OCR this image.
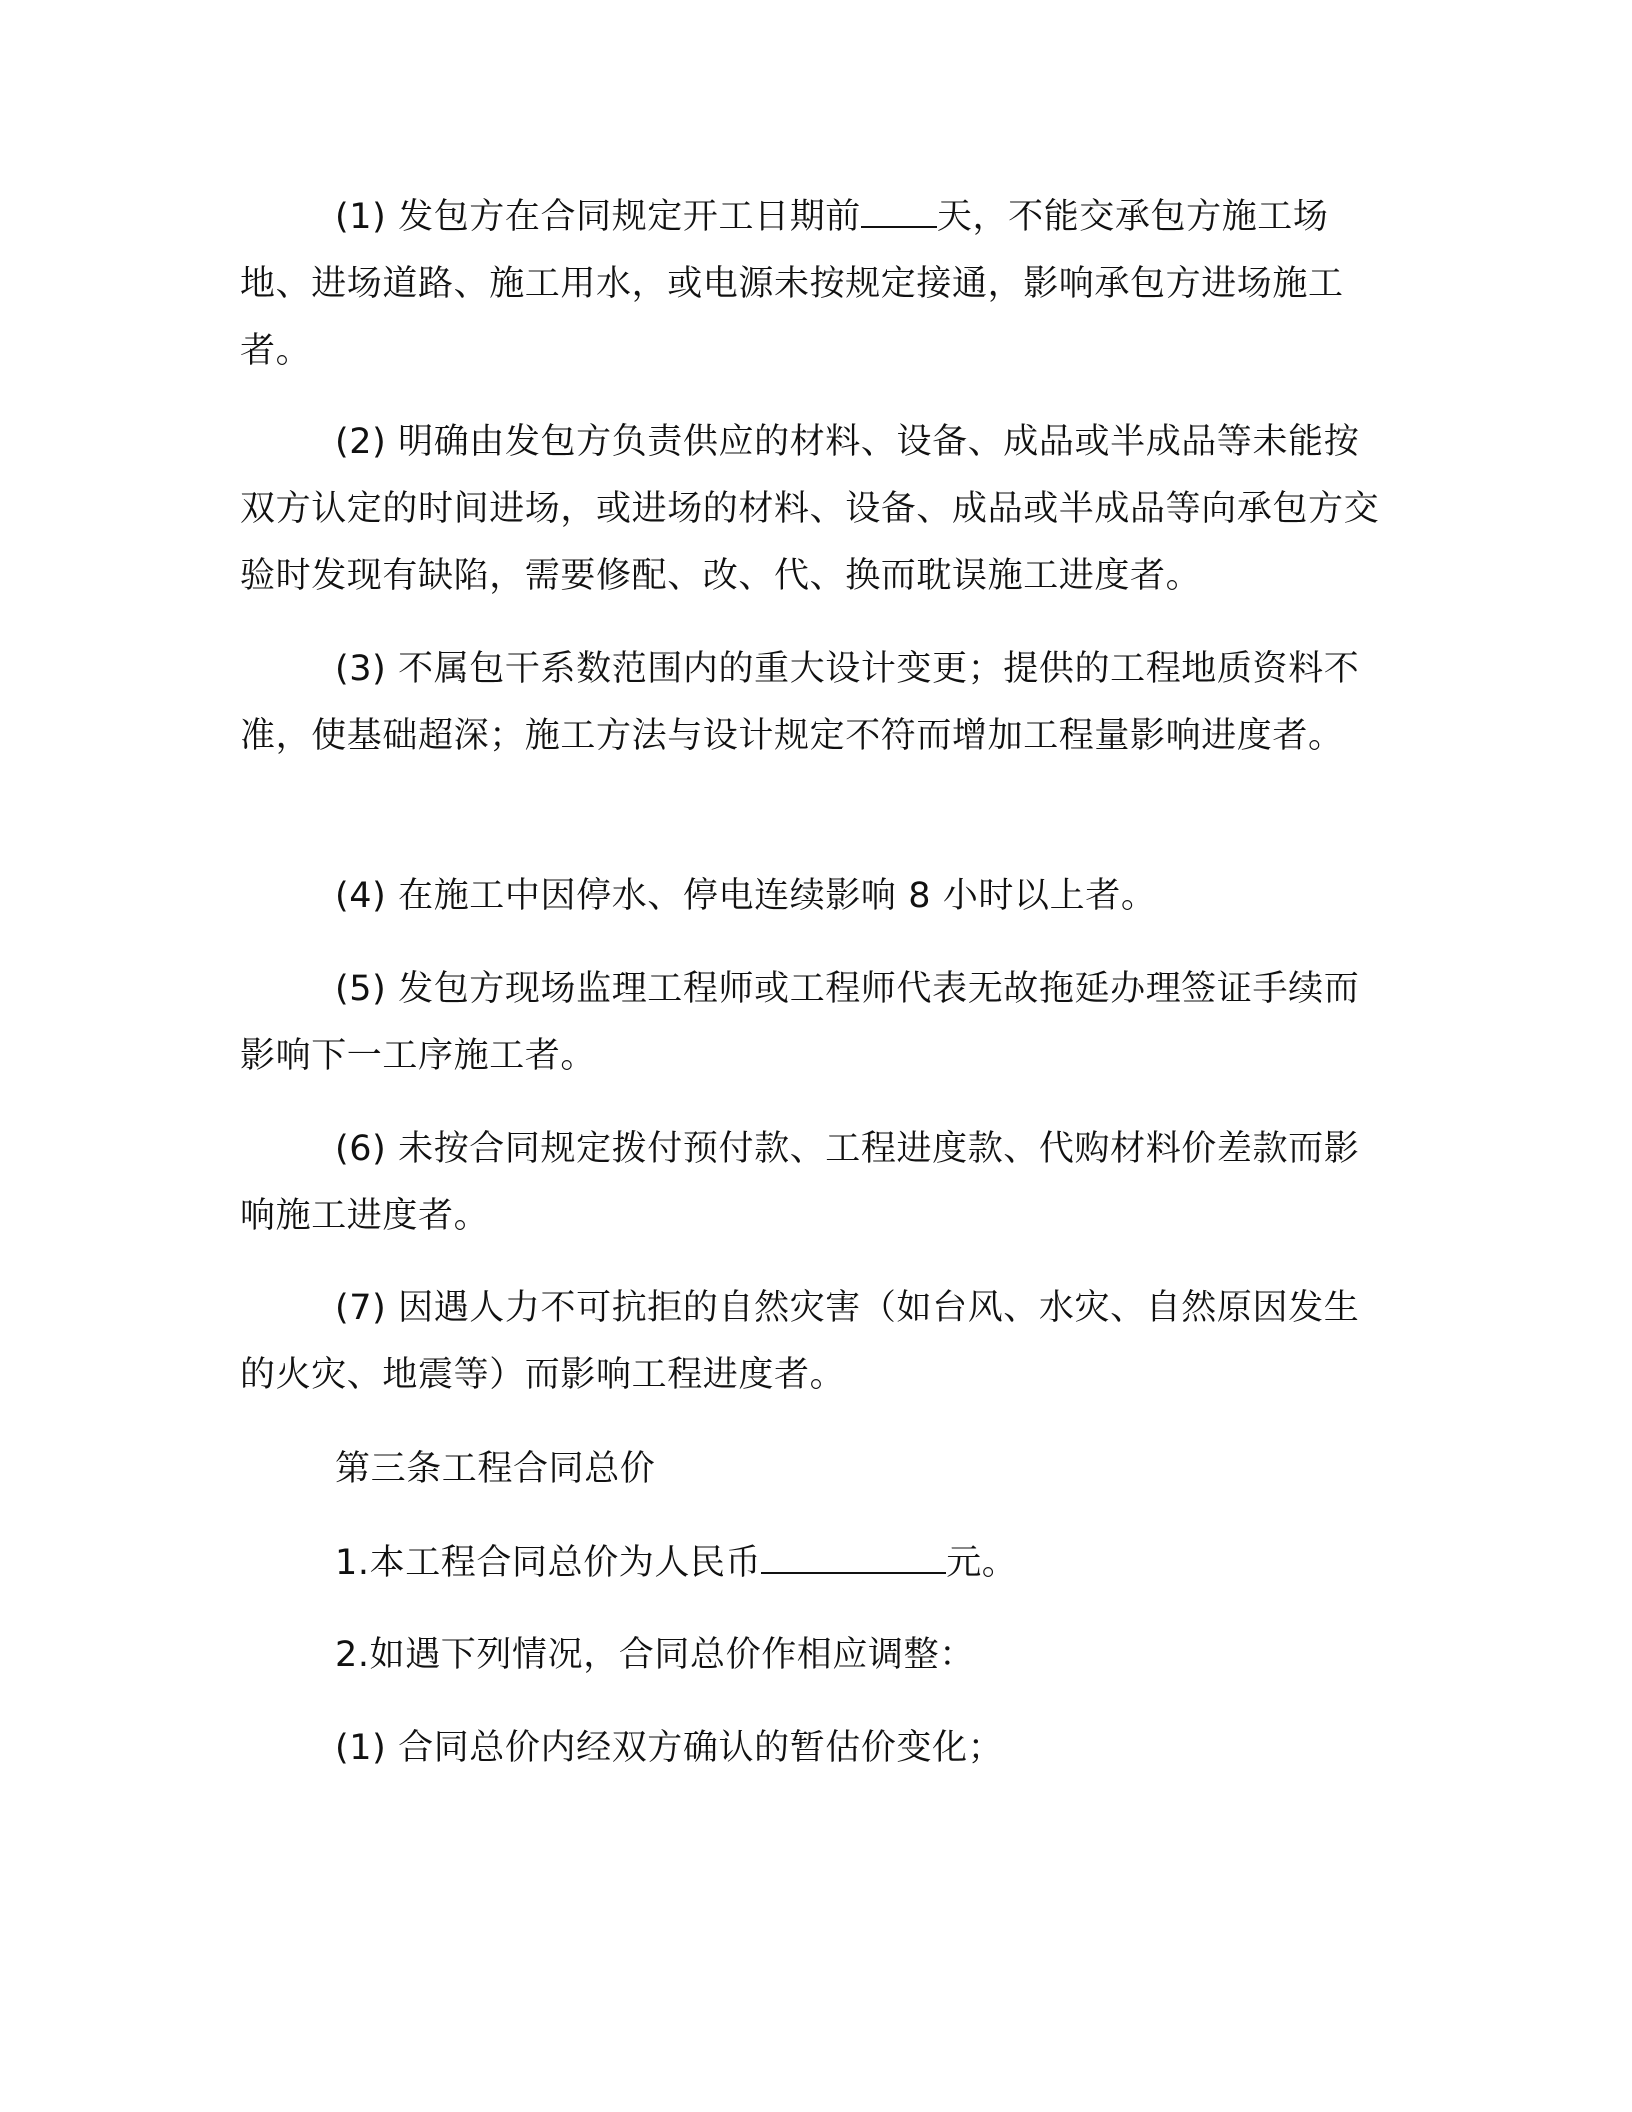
(1) 发包方在合同规定开工日期前 天，不能交承包方施工场地、进场道路、施工用水，或电源未按规定接通，影响承包方进场施工者。

(2) 明确由发包方负责供应的材料、设备、成品或半成品等未能按双方认定的时间进场，或进场的材料、设备、成品或半成品等向承包方交验时发现有缺陷，需要修配、改、代、换而耽误施工进度者。

(3) 不属包干系数范围内的重大设计变更；提供的工程地质资料不准，使基础超深；施工方法与设计规定不符而增加工程量影响进度者。

(4) 在施工中因停水、停电连续影响 8 小时以上者。

(5) 发包方现场监理工程师或工程师代表无故拖延办理签证手续而影响下一工序施工者。

(6) 未按合同规定拨付预付款、工程进度款、代购材料价差款而影响施工进度者。

(7) 因遇人力不可抗拒的自然灾害（如台风、水灾、自然原因发生的火灾、地震等）而影响工程进度者。

第三条工程合同总价

1.本工程合同总价为人民币	元。

2.如遇下列情况，合同总价作相应调整：

(1) 合同总价内经双方确认的暂估价变化；
